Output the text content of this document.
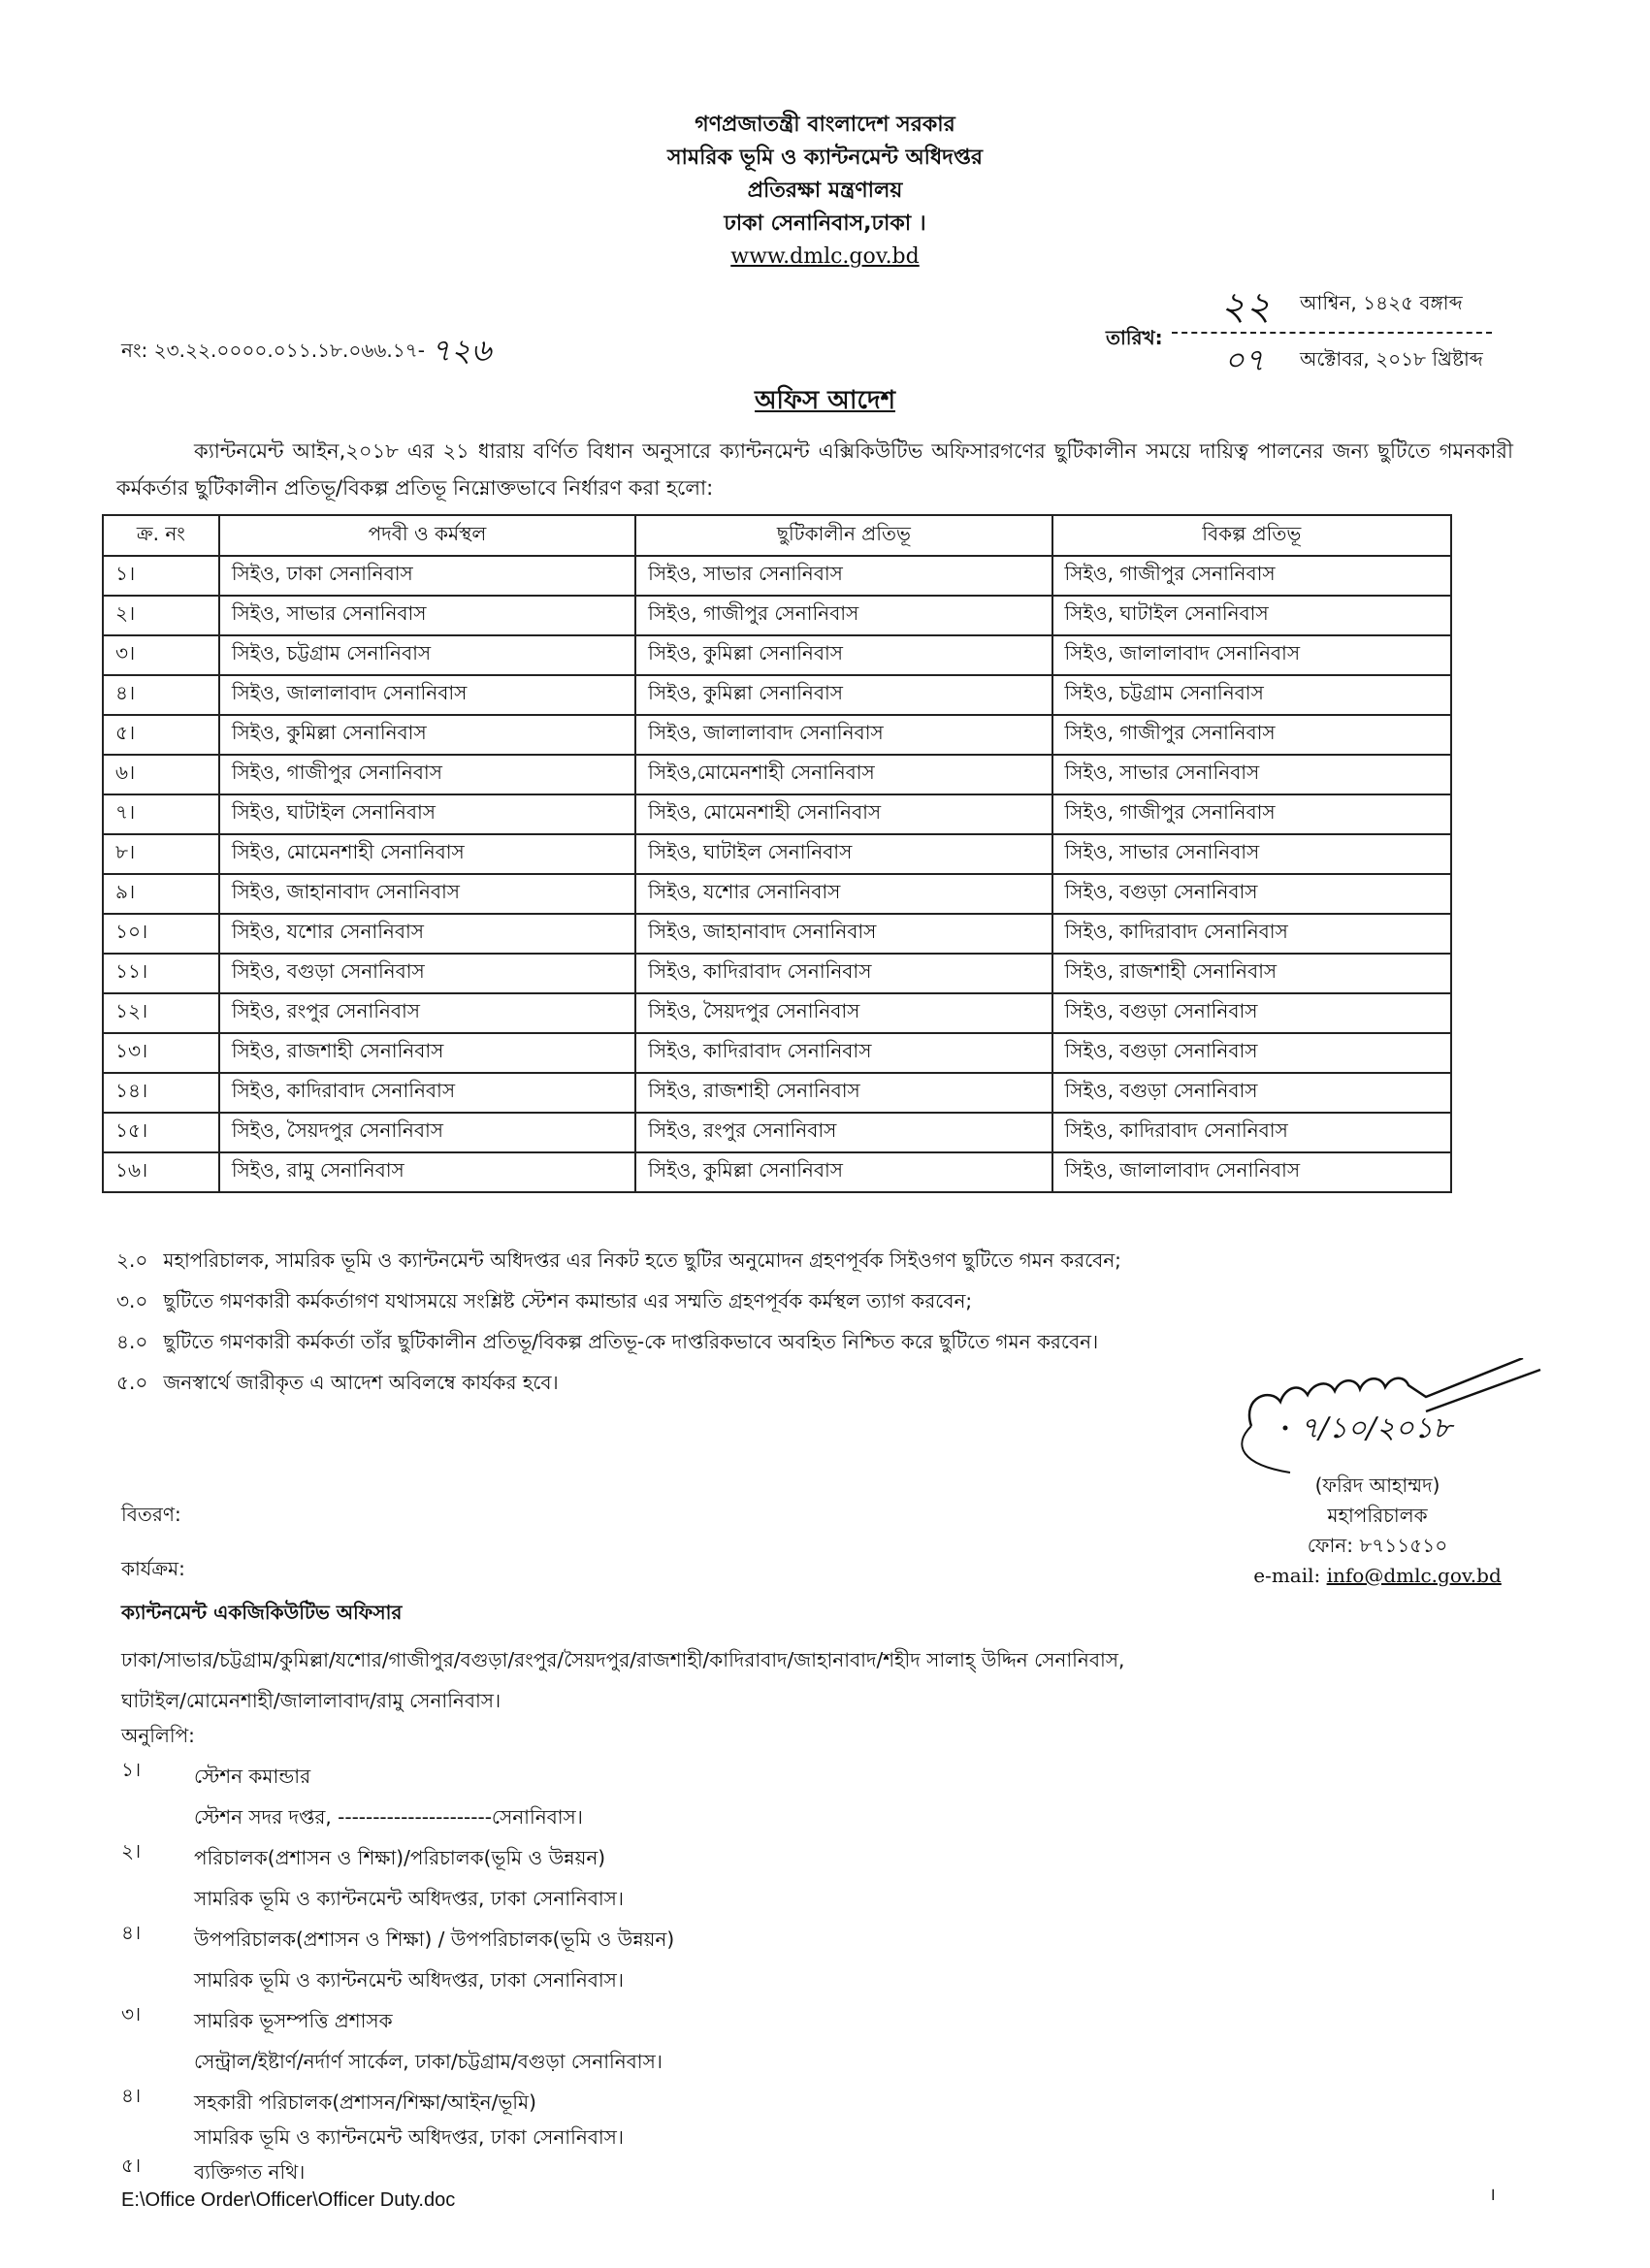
গণপ্রজাতন্ত্রী বাংলাদেশ সরকার
সামরিক ভূমি ও ক্যান্টনমেন্ট অধিদপ্তর
প্রতিরক্ষা মন্ত্রণালয়
ঢাকা সেনানিবাস,ঢাকা ।
www.dmlc.gov.bd
নং: ২৩.২২.০০০০.০১১.১৮.০৬৬.১৭- ৭২৬
২২ আশ্বিন, ১৪২৫ বঙ্গাব্দ
তারিখ:
০৭ অক্টোবর, ২০১৮ খ্রিষ্টাব্দ
অফিস আদেশ
ক্যান্টনমেন্ট আইন,২০১৮ এর ২১ ধারায় বর্ণিত বিধান অনুসারে ক্যান্টনমেন্ট এক্সিকিউটিভ অফিসারগণের ছুটিকালীন সময়ে দায়িত্ব পালনের জন্য ছুটিতে গমনকারী কর্মকর্তার ছুটিকালীন প্রতিভূ/বিকল্প প্রতিভূ নিম্নোক্তভাবে নির্ধারণ করা হলো:
ক্র. নং	পদবী ও কর্মস্থল	ছুটিকালীন প্রতিভূ	বিকল্প প্রতিভূ
১।	সিইও, ঢাকা সেনানিবাস	সিইও, সাভার সেনানিবাস	সিইও, গাজীপুর সেনানিবাস
২।	সিইও, সাভার সেনানিবাস	সিইও, গাজীপুর সেনানিবাস	সিইও, ঘাটাইল সেনানিবাস
৩।	সিইও, চট্টগ্রাম সেনানিবাস	সিইও, কুমিল্লা সেনানিবাস	সিইও, জালালাবাদ সেনানিবাস
৪।	সিইও, জালালাবাদ সেনানিবাস	সিইও, কুমিল্লা সেনানিবাস	সিইও, চট্টগ্রাম সেনানিবাস
৫।	সিইও, কুমিল্লা সেনানিবাস	সিইও, জালালাবাদ সেনানিবাস	সিইও, গাজীপুর সেনানিবাস
৬।	সিইও, গাজীপুর সেনানিবাস	সিইও,মোমেনশাহী সেনানিবাস	সিইও, সাভার সেনানিবাস
৭।	সিইও, ঘাটাইল সেনানিবাস	সিইও, মোমেনশাহী সেনানিবাস	সিইও, গাজীপুর সেনানিবাস
৮।	সিইও, মোমেনশাহী সেনানিবাস	সিইও, ঘাটাইল সেনানিবাস	সিইও, সাভার সেনানিবাস
৯।	সিইও, জাহানাবাদ সেনানিবাস	সিইও, যশোর সেনানিবাস	সিইও, বগুড়া সেনানিবাস
১০।	সিইও, যশোর সেনানিবাস	সিইও, জাহানাবাদ সেনানিবাস	সিইও, কাদিরাবাদ সেনানিবাস
১১।	সিইও, বগুড়া সেনানিবাস	সিইও, কাদিরাবাদ সেনানিবাস	সিইও, রাজশাহী সেনানিবাস
১২।	সিইও, রংপুর সেনানিবাস	সিইও, সৈয়দপুর সেনানিবাস	সিইও, বগুড়া সেনানিবাস
১৩।	সিইও, রাজশাহী সেনানিবাস	সিইও, কাদিরাবাদ সেনানিবাস	সিইও, বগুড়া সেনানিবাস
১৪।	সিইও, কাদিরাবাদ সেনানিবাস	সিইও, রাজশাহী সেনানিবাস	সিইও, বগুড়া সেনানিবাস
১৫।	সিইও, সৈয়দপুর সেনানিবাস	সিইও, রংপুর সেনানিবাস	সিইও, কাদিরাবাদ সেনানিবাস
১৬।	সিইও, রামু সেনানিবাস	সিইও, কুমিল্লা সেনানিবাস	সিইও, জালালাবাদ সেনানিবাস
২.০ মহাপরিচালক, সামরিক ভূমি ও ক্যান্টনমেন্ট অধিদপ্তর এর নিকট হতে ছুটির অনুমোদন গ্রহণপূর্বক সিইওগণ ছুটিতে গমন করবেন;
৩.০ ছুটিতে গমণকারী কর্মকর্তাগণ যথাসময়ে সংশ্লিষ্ট স্টেশন কমান্ডার এর সম্মতি গ্রহণপূর্বক কর্মস্থল ত্যাগ করবেন;
৪.০ ছুটিতে গমণকারী কর্মকর্তা তাঁর ছুটিকালীন প্রতিভূ/বিকল্প প্রতিভূ-কে দাপ্তরিকভাবে অবহিত নিশ্চিত করে ছুটিতে গমন করবেন।
৫.০ জনস্বার্থে জারীকৃত এ আদেশ অবিলম্বে কার্যকর হবে।
৭/১০/২০১৮
(ফরিদ আহাম্মদ)
মহাপরিচালক
ফোন: ৮৭১১৫১০
e-mail: info@dmlc.gov.bd
বিতরণ:
কার্যক্রম:
ক্যান্টনমেন্ট একজিকিউটিভ অফিসার
ঢাকা/সাভার/চট্টগ্রাম/কুমিল্লা/যশোর/গাজীপুর/বগুড়া/রংপুর/সৈয়দপুর/রাজশাহী/কাদিরাবাদ/জাহানাবাদ/শহীদ সালাহ্ উদ্দিন সেনানিবাস,
ঘাটাইল/মোমেনশাহী/জালালাবাদ/রামু সেনানিবাস।
অনুলিপি:
১।	স্টেশন কমান্ডার
স্টেশন সদর দপ্তর, ----------------------সেনানিবাস।
২।	পরিচালক(প্রশাসন ও শিক্ষা)/পরিচালক(ভূমি ও উন্নয়ন)
সামরিক ভূমি ও ক্যান্টনমেন্ট অধিদপ্তর, ঢাকা সেনানিবাস।
৪।	উপপরিচালক(প্রশাসন ও শিক্ষা) / উপপরিচালক(ভূমি ও উন্নয়ন)
সামরিক ভূমি ও ক্যান্টনমেন্ট অধিদপ্তর, ঢাকা সেনানিবাস।
৩।	সামরিক ভূসম্পত্তি প্রশাসক
সেন্ট্রাল/ইষ্টার্ণ/নর্দার্ণ সার্কেল, ঢাকা/চট্টগ্রাম/বগুড়া সেনানিবাস।
৪।	সহকারী পরিচালক(প্রশাসন/শিক্ষা/আইন/ভূমি)
সামরিক ভূমি ও ক্যান্টনমেন্ট অধিদপ্তর, ঢাকা সেনানিবাস।
৫।	ব্যক্তিগত নথি।
E:\Office Order\Officer\Officer Duty.doc	।
